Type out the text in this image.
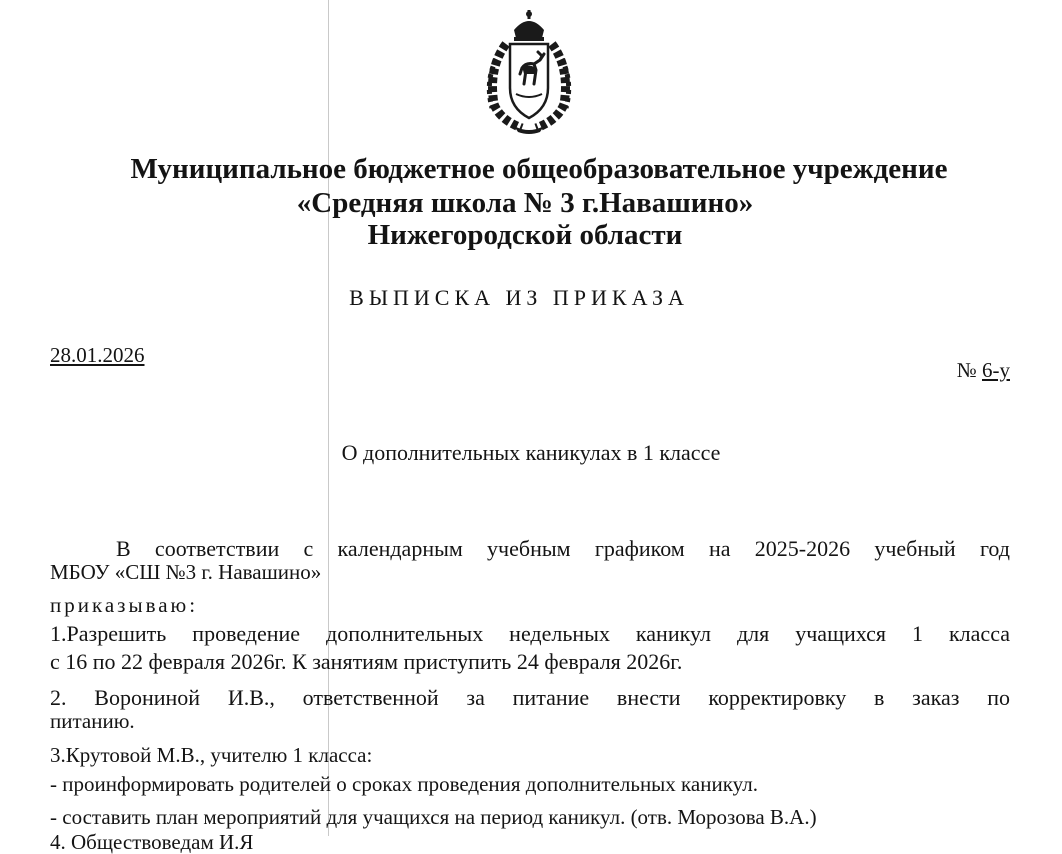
Муниципальное бюджетное общеобразовательное учреждение
«Средняя школа № 3 г.Навашино»
Нижегородской области
ВЫПИСКА ИЗ ПРИКАЗА
28.01.2026
№ 6-у
О дополнительных каникулах в 1 классе
В соответствии с календарным учебным графиком на 2025-2026 учебный год
МБОУ «СШ №3 г. Навашино»
приказываю:
1.Разрешить проведение дополнительных недельных каникул для учащихся 1 класса
с 16 по 22 февраля 2026г. К занятиям приступить 24 февраля 2026г.
2. Ворониной И.В., ответственной за питание внести корректировку в заказ по
питанию.
3.Крутовой М.В., учителю 1 класса:
- проинформировать родителей о сроках проведения дополнительных каникул.
- составить план мероприятий для учащихся на период каникул. (отв. Морозова В.А.)
4. Обществоведам И.Я
